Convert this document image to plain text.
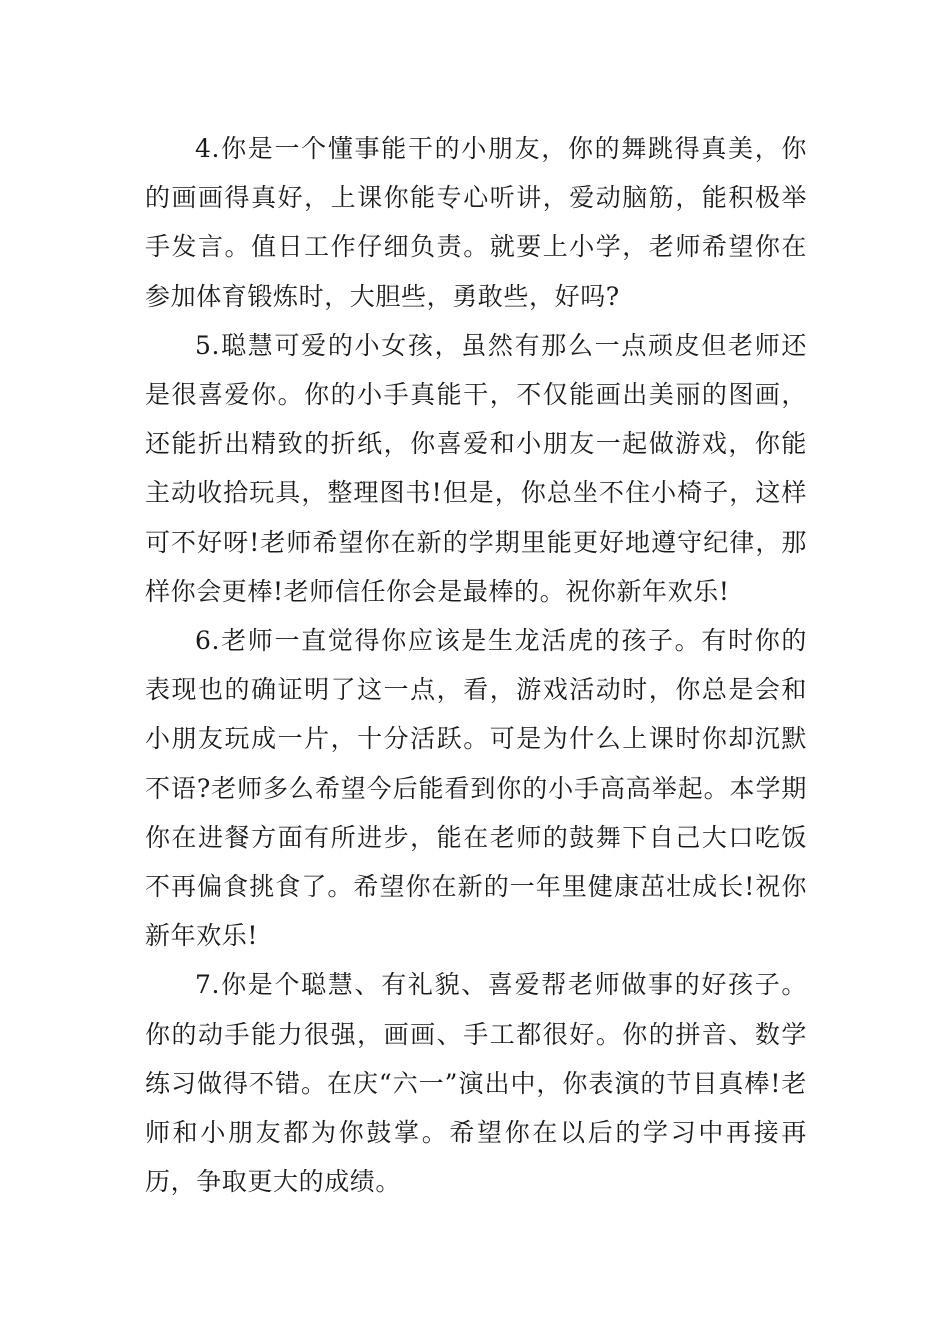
4.你是一个懂事能干的小朋友，你的舞跳得真美，你的画画得真好，上课你能专心听讲，爱动脑筋，能积极举手发言。值日工作仔细负责。就要上小学，老师希望你在参加体育锻炼时，大胆些，勇敢些，好吗?

5.聪慧可爱的小女孩，虽然有那么一点顽皮但老师还是很喜爱你。你的小手真能干，不仅能画出美丽的图画，还能折出精致的折纸，你喜爱和小朋友一起做游戏，你能主动收拾玩具，整理图书!但是，你总坐不住小椅子，这样可不好呀!老师希望你在新的学期里能更好地遵守纪律，那样你会更棒!老师信任你会是最棒的。祝你新年欢乐!

6.老师一直觉得你应该是生龙活虎的孩子。有时你的表现也的确证明了这一点，看，游戏活动时，你总是会和小朋友玩成一片，十分活跃。可是为什么上课时你却沉默不语?老师多么希望今后能看到你的小手高高举起。本学期你在进餐方面有所进步，能在老师的鼓舞下自己大口吃饭不再偏食挑食了。希望你在新的一年里健康茁壮成长!祝你新年欢乐!

7.你是个聪慧、有礼貌、喜爱帮老师做事的好孩子。你的动手能力很强，画画、手工都很好。你的拼音、数学练习做得不错。在庆“六一”演出中，你表演的节目真棒!老师和小朋友都为你鼓掌。希望你在以后的学习中再接再历，争取更大的成绩。
